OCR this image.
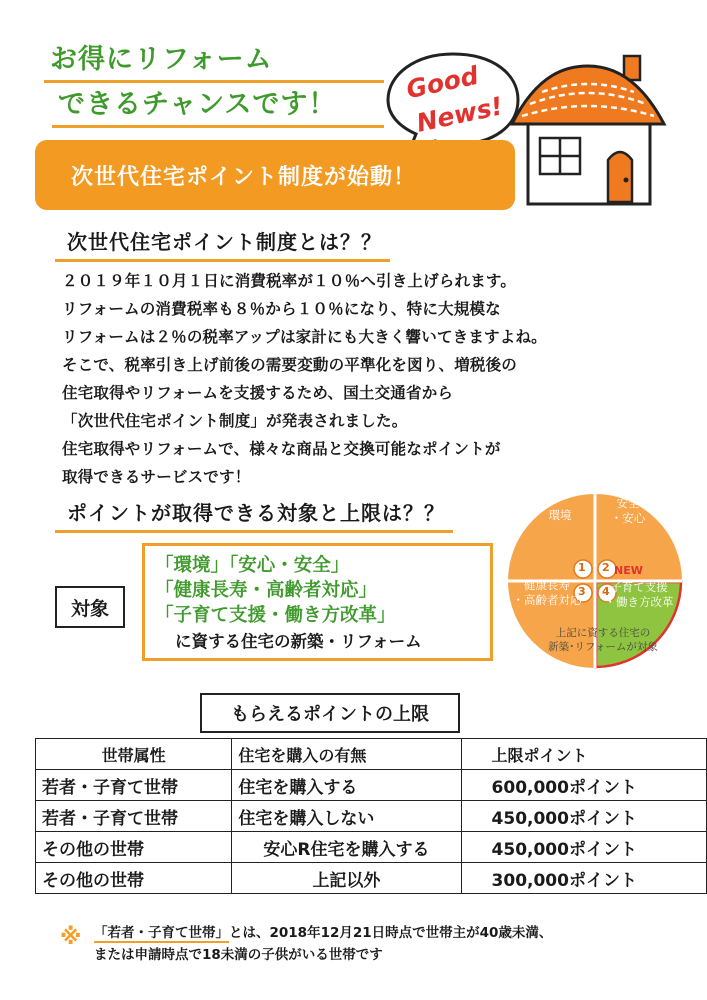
お得にリフォーム
できるチャンスです！
Good
News!
次世代住宅ポイント制度が始動！
次世代住宅ポイント制度とは？？
２０１９年１０月１日に消費税率が１０％へ引き上げられます。
リフォームの消費税率も８％から１０％になり、特に大規模な
リフォームは２％の税率アップは家計にも大きく響いてきますよね。
そこで、税率引き上げ前後の需要変動の平準化を図り、増税後の
住宅取得やリフォームを支援するため、国土交通省から
「次世代住宅ポイント制度」が発表されました。
住宅取得やリフォームで、様々な商品と交換可能なポイントが
取得できるサービスです！
ポイントが取得できる対象と上限は？？
対象
「環境」「安心・安全」
「健康長寿・高齢者対応」
「子育て支援・働き方改革」
に資する住宅の新築・リフォーム
1 2
3 4
環境
安全
・安心
健康長寿
・高齢者対応
NEW
子育て支援
・働き方改革
上記に資する住宅の
新築･リフォームが対象
もらえるポイントの上限
世帯属性	住宅を購入の有無	上限ポイント
若者・子育て世帯	住宅を購入する	600,000ポイント
若者・子育て世帯	住宅を購入しない	450,000ポイント
その他の世帯	安心R住宅を購入する	450,000ポイント
その他の世帯	上記以外	300,000ポイント
※ 「若者・子育て世帯」とは、2018年12月21日時点で世帯主が40歳未満、
または申請時点で18未満の子供がいる世帯です
